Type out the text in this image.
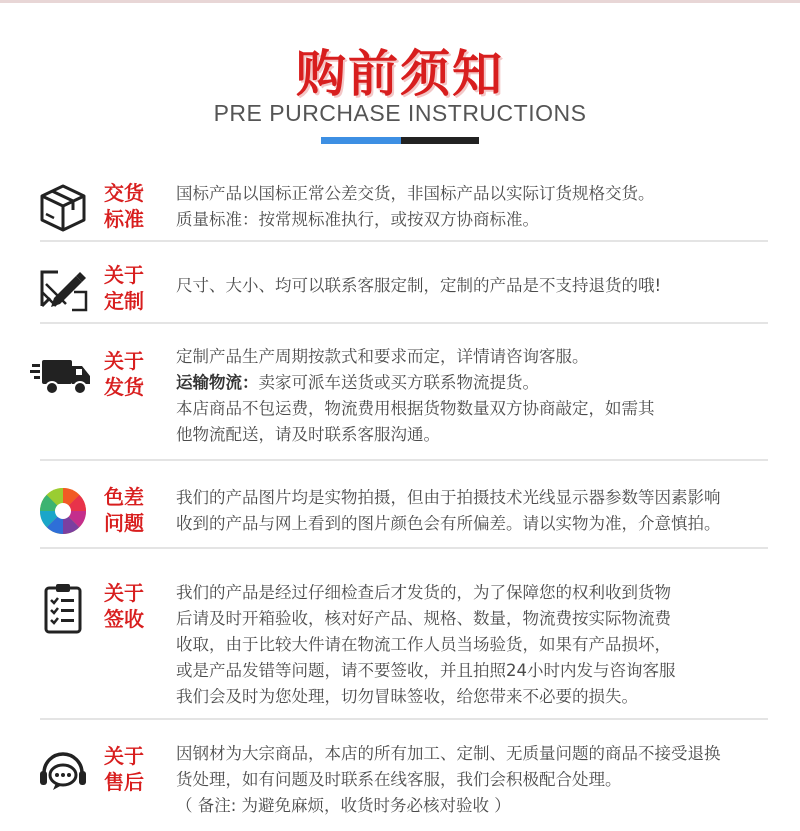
购前须知
PRE PURCHASE INSTRUCTIONS
交货
标准
国标产品以国标正常公差交货，非国标产品以实际订货规格交货。
质量标准：按常规标准执行，或按双方协商标准。
关于
定制
尺寸、大小、均可以联系客服定制，定制的产品是不支持退货的哦!
关于
发货
定制产品生产周期按款式和要求而定，详情请咨询客服。
运输物流：卖家可派车送货或买方联系物流提货。
本店商品不包运费，物流费用根据货物数量双方协商敲定，如需其
他物流配送，请及时联系客服沟通。
色差
问题
我们的产品图片均是实物拍摄，但由于拍摄技术光线显示器参数等因素影响
收到的产品与网上看到的图片颜色会有所偏差。请以实物为准，介意慎拍。
关于
签收
我们的产品是经过仔细检查后才发货的，为了保障您的权利收到货物
后请及时开箱验收，核对好产品、规格、数量，物流费按实际物流费
收取，由于比较大件请在物流工作人员当场验货，如果有产品损坏，
或是产品发错等问题，请不要签收，并且拍照24小时内发与咨询客服
我们会及时为您处理，切勿冒昧签收，给您带来不必要的损失。
关于
售后
因钢材为大宗商品，本店的所有加工、定制、无质量问题的商品不接受退换
货处理，如有问题及时联系在线客服，我们会积极配合处理。
（ 备注: 为避免麻烦，收货时务必核对验收 ）
